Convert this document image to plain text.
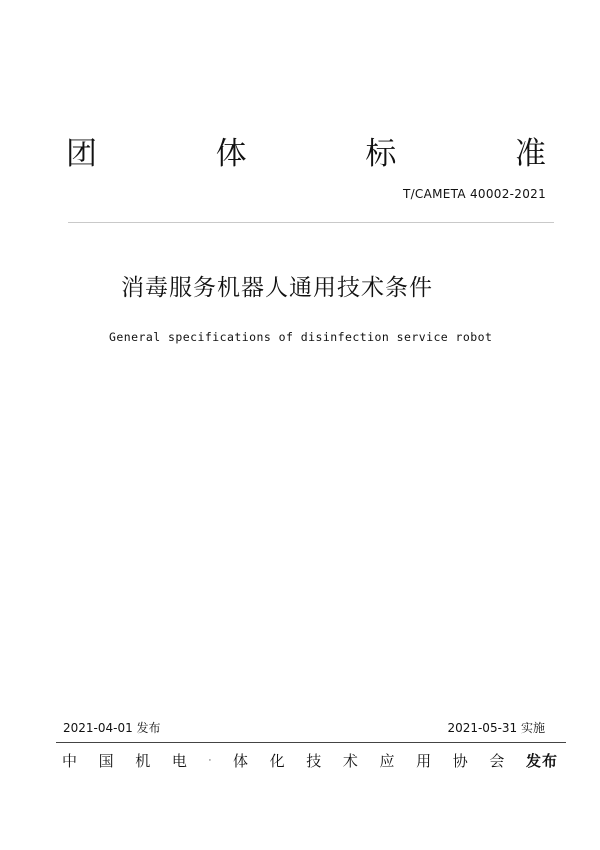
团	体	标	准
T/CAMETA 40002-2021
消毒服务机器人通用技术条件
General specifications of disinfection service robot
2021-04-01 发布	2021-05-31 实施
中 国 机 电 · 体 化 技 术 应 用 协 会 发布
